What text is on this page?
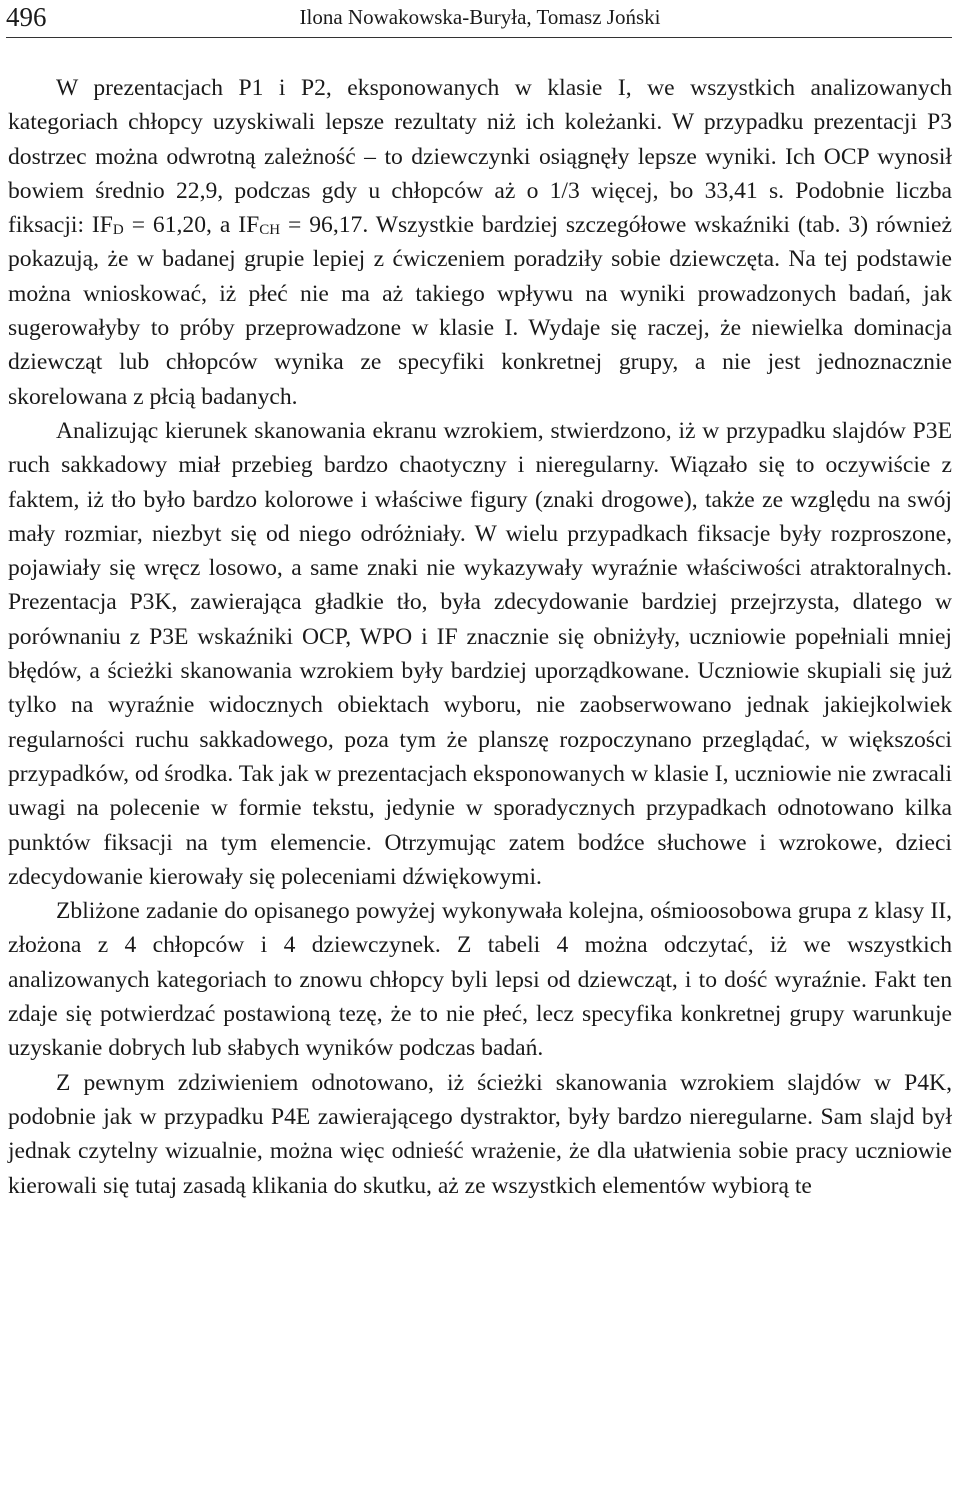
496	Ilona Nowakowska-Buryła, Tomasz Joński

W prezentacjach P1 i P2, eksponowanych w klasie I, we wszystkich analizowanych kategoriach chłopcy uzyskiwali lepsze rezultaty niż ich koleżanki. W przypadku prezentacji P3 dostrzec można odwrotną zależność – to dziewczynki osiągnęły lepsze wyniki. Ich OCP wynosił bowiem średnio 22,9, podczas gdy u chłopców aż o 1/3 więcej, bo 33,41 s. Podobnie liczba fiksacji: $IF_D = 61,20$, a $IF_{CH} = 96,17$. Wszystkie bardziej szczegółowe wskaźniki (tab. 3) również pokazują, że w badanej grupie lepiej z ćwiczeniem poradziły sobie dziewczęta. Na tej podstawie można wnioskować, iż płeć nie ma aż takiego wpływu na wyniki prowadzonych badań, jak sugerowałyby to próby przeprowadzone w klasie I. Wydaje się raczej, że niewielka dominacja dziewcząt lub chłopców wynika ze specyfiki konkretnej grupy, a nie jest jednoznacznie skorelowana z płcią badanych.

Analizując kierunek skanowania ekranu wzrokiem, stwierdzono, iż w przypadku slajdów P3E ruch sakkadowy miał przebieg bardzo chaotyczny i nieregularny. Wiązało się to oczywiście z faktem, iż tło było bardzo kolorowe i właściwe figury (znaki drogowe), także ze względu na swój mały rozmiar, niezbyt się od niego odróżniały. W wielu przypadkach fiksacje były rozproszone, pojawiały się wręcz losowo, a same znaki nie wykazywały wyraźnie właściwości atraktoralnych. Prezentacja P3K, zawierająca gładkie tło, była zdecydowanie bardziej przejrzysta, dlatego w porównaniu z P3E wskaźniki OCP, WPO i IF znacznie się obniżyły, uczniowie popełniali mniej błędów, a ścieżki skanowania wzrokiem były bardziej uporządkowane. Uczniowie skupiali się już tylko na wyraźnie widocznych obiektach wyboru, nie zaobserwowano jednak jakiejkolwiek regularności ruchu sakkadowego, poza tym że planszę rozpoczynano przeglądać, w większości przypadków, od środka. Tak jak w prezentacjach eksponowanych w klasie I, uczniowie nie zwracali uwagi na polecenie w formie tekstu, jedynie w sporadycznych przypadkach odnotowano kilka punktów fiksacji na tym elemencie. Otrzymując zatem bodźce słuchowe i wzrokowe, dzieci zdecydowanie kierowały się poleceniami dźwiękowymi.

Zbliżone zadanie do opisanego powyżej wykonywała kolejna, ośmioosobowa grupa z klasy II, złożona z 4 chłopców i 4 dziewczynek. Z tabeli 4 można odczytać, iż we wszystkich analizowanych kategoriach to znowu chłopcy byli lepsi od dziewcząt, i to dość wyraźnie. Fakt ten zdaje się potwierdzać postawioną tezę, że to nie płeć, lecz specyfika konkretnej grupy warunkuje uzyskanie dobrych lub słabych wyników podczas badań.

Z pewnym zdziwieniem odnotowano, iż ścieżki skanowania wzrokiem slajdów w P4K, podobnie jak w przypadku P4E zawierającego dystraktor, były bardzo nieregularne. Sam slajd był jednak czytelny wizualnie, można więc odnieść wrażenie, że dla ułatwienia sobie pracy uczniowie kierowali się tutaj zasadą klikania do skutku, aż ze wszystkich elementów wybiorą te
